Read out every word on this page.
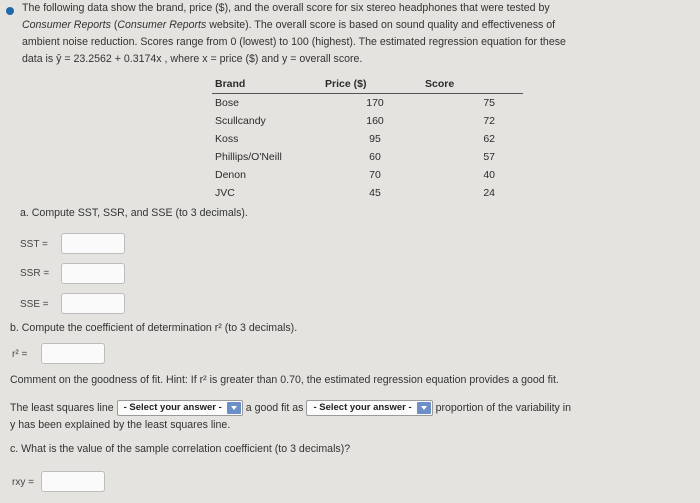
The following data show the brand, price ($), and the overall score for six stereo headphones that were tested by
Consumer Reports (Consumer Reports website). The overall score is based on sound quality and effectiveness of
ambient noise reduction. Scores range from 0 (lowest) to 100 (highest). The estimated regression equation for these
data is ŷ = 23.2562 + 0.3174x , where x = price ($) and y = overall score.
Brand	Price ($)	Score
Bose	170	75
Scullcandy	160	72
Koss	95	62
Phillips/O'Neill	60	57
Denon	70	40
JVC	45	24
a. Compute SST, SSR, and SSE (to 3 decimals).
SST =
SSR =
SSE =
b. Compute the coefficient of determination r² (to 3 decimals).
r² =
Comment on the goodness of fit. Hint: If r² is greater than 0.70, the estimated regression equation provides a good fit.
The least squares line - Select your answer - a good fit as - Select your answer - proportion of the variability in
y has been explained by the least squares line.
c. What is the value of the sample correlation coefficient (to 3 decimals)?
rxy =
